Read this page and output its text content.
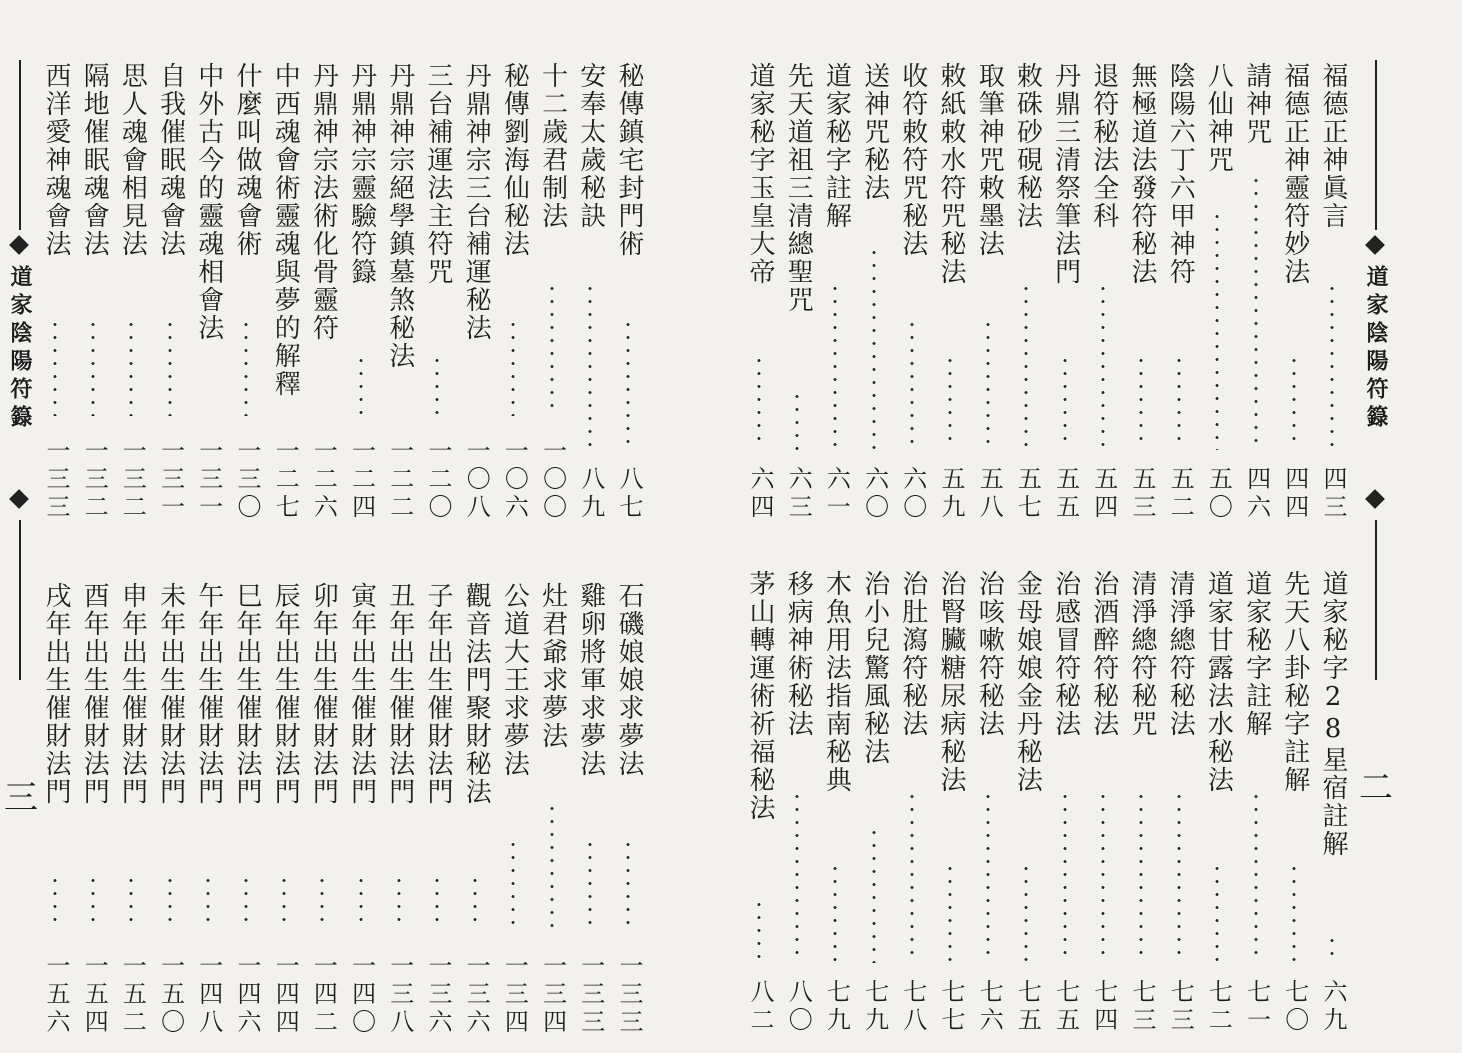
道家陰陽符籙
三
秘傳鎮宅封門術
八七
安奉太歲秘訣
八九
十二歲君制法
一〇〇
秘傳劉海仙秘法
一〇六
丹鼎神宗三台補運秘法
一〇八
三台補運法主符咒
一二〇
丹鼎神宗絕學鎮墓煞秘法
一二二
丹鼎神宗靈驗符籙
一二四
丹鼎神宗法術化骨靈符
一二六
中西魂會術靈魂與夢的解釋
一二七
什麼叫做魂會術
一三〇
中外古今的靈魂相會法
一三一
自我催眠魂會法
一三一
思人魂會相見法
一三二
隔地催眠魂會法
一三二
西洋愛神魂會法
一三三
石磯娘娘求夢法
一三三
雞卵將軍求夢法
一三三
灶君爺求夢法
一三四
公道大王求夢法
一三四
觀音法門聚財秘法
一三六
子年出生催財法門
一三六
丑年出生催財法門
一三八
寅年出生催財法門
一四〇
卯年出生催財法門
一四二
辰年出生催財法門
一四四
巳年出生催財法門
一四六
午年出生催財法門
一四八
未年出生催財法門
一五〇
申年出生催財法門
一五二
酉年出生催財法門
一五四
戌年出生催財法門
一五六
道家陰陽符籙
二
福德正神眞言
四三
福德正神靈符妙法
四四
請神咒
四六
八仙神咒
五〇
陰陽六丁六甲神符
五二
無極道法發符秘法
五三
退符秘法全科
五四
丹鼎三清祭筆法門
五五
敕硃砂硯秘法
五七
取筆神咒敕墨法
五八
敕紙敕水符咒秘法
五九
收符敕符咒秘法
六〇
送神咒秘法
六〇
道家秘字註解
六一
先天道祖三清總聖咒
六三
道家秘字玉皇大帝
六四
道家秘字28星宿註解
六九
先天八卦秘字註解
七〇
道家秘字註解
七一
道家甘露法水秘法
七二
清淨總符秘法
七三
清淨總符秘咒
七三
治酒醉符秘法
七四
治感冒符秘法
七五
金母娘娘金丹秘法
七五
治咳嗽符秘法
七六
治腎臟糖尿病秘法
七七
治肚瀉符秘法
七八
治小兒驚風秘法
七九
木魚用法指南秘典
七九
移病神術秘法
八〇
茅山轉運術祈福秘法
八二
